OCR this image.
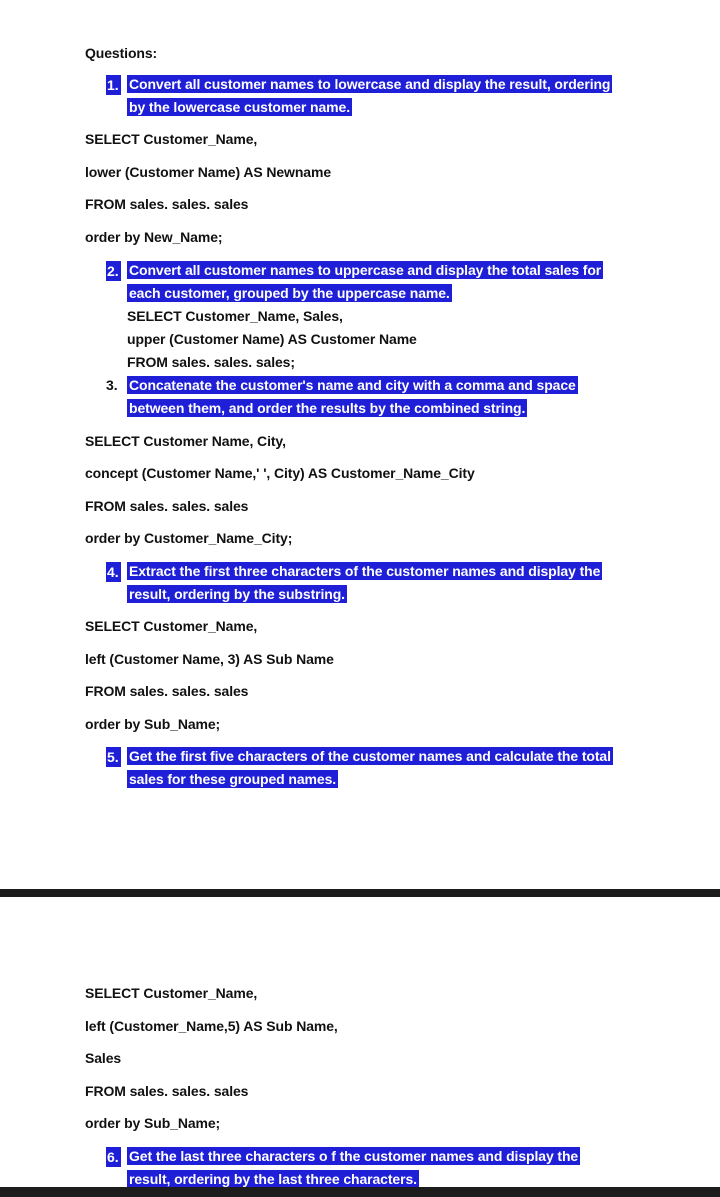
Questions:
1. Convert all customer names to lowercase and display the result, ordering
by the lowercase customer name.
SELECT Customer_Name,
lower (Customer Name) AS Newname
FROM sales. sales. sales
order by New_Name;
2. Convert all customer names to uppercase and display the total sales for
each customer, grouped by the uppercase name.
SELECT Customer_Name, Sales,
upper (Customer Name) AS Customer Name
FROM sales. sales. sales;
3. Concatenate the customer's name and city with a comma and space
between them, and order the results by the combined string.
SELECT Customer Name, City,
concept (Customer Name,' ', City) AS Customer_Name_City
FROM sales. sales. sales
order by Customer_Name_City;
4. Extract the first three characters of the customer names and display the
result, ordering by the substring.
SELECT Customer_Name,
left (Customer Name, 3) AS Sub Name
FROM sales. sales. sales
order by Sub_Name;
5. Get the first five characters of the customer names and calculate the total
sales for these grouped names.
SELECT Customer_Name,
left (Customer_Name,5) AS Sub Name,
Sales
FROM sales. sales. sales
order by Sub_Name;
6. Get the last three characters o f the customer names and display the
result, ordering by the last three characters.
